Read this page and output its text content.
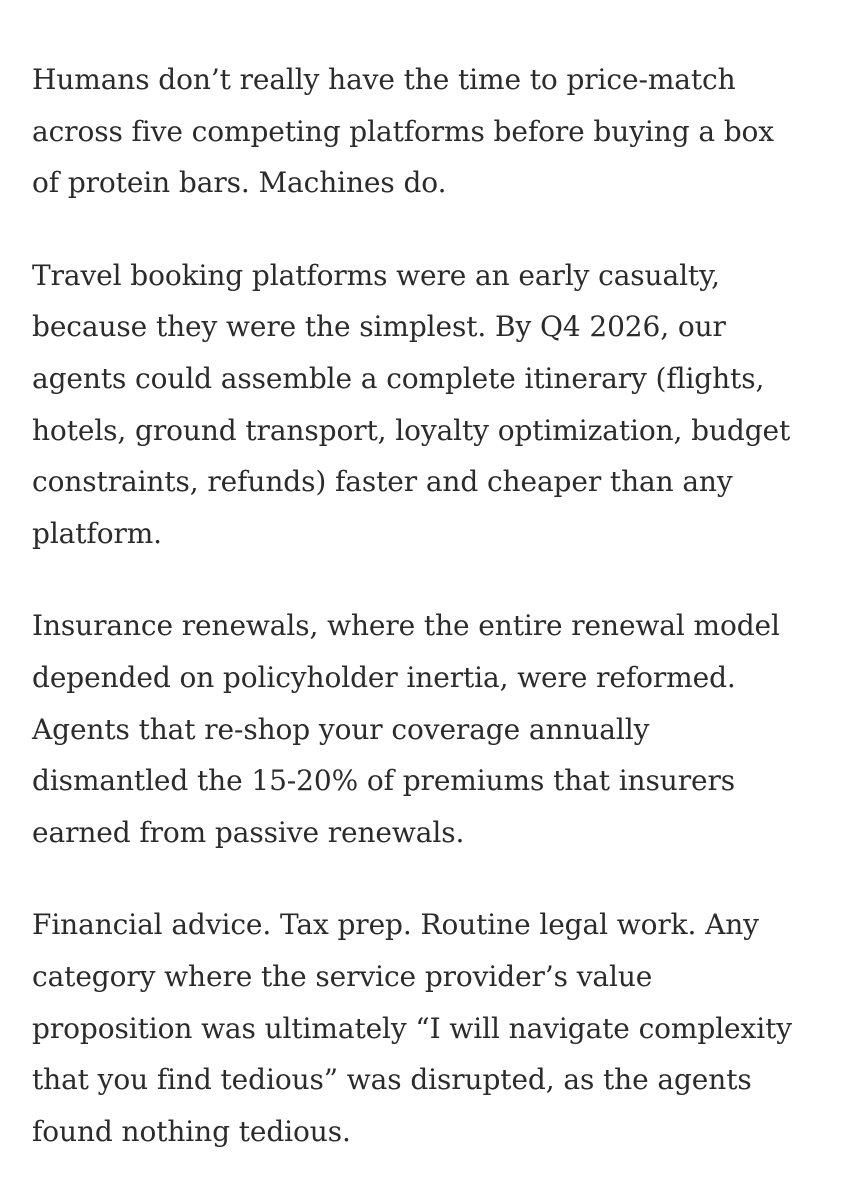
Humans don’t really have the time to price-match
across five competing platforms before buying a box
of protein bars. Machines do.

Travel booking platforms were an early casualty,
because they were the simplest. By Q4 2026, our
agents could assemble a complete itinerary (flights,
hotels, ground transport, loyalty optimization, budget
constraints, refunds) faster and cheaper than any
platform.

Insurance renewals, where the entire renewal model
depended on policyholder inertia, were reformed.
Agents that re-shop your coverage annually
dismantled the 15-20% of premiums that insurers
earned from passive renewals.

Financial advice. Tax prep. Routine legal work. Any
category where the service provider’s value
proposition was ultimately “I will navigate complexity
that you find tedious” was disrupted, as the agents
found nothing tedious.
